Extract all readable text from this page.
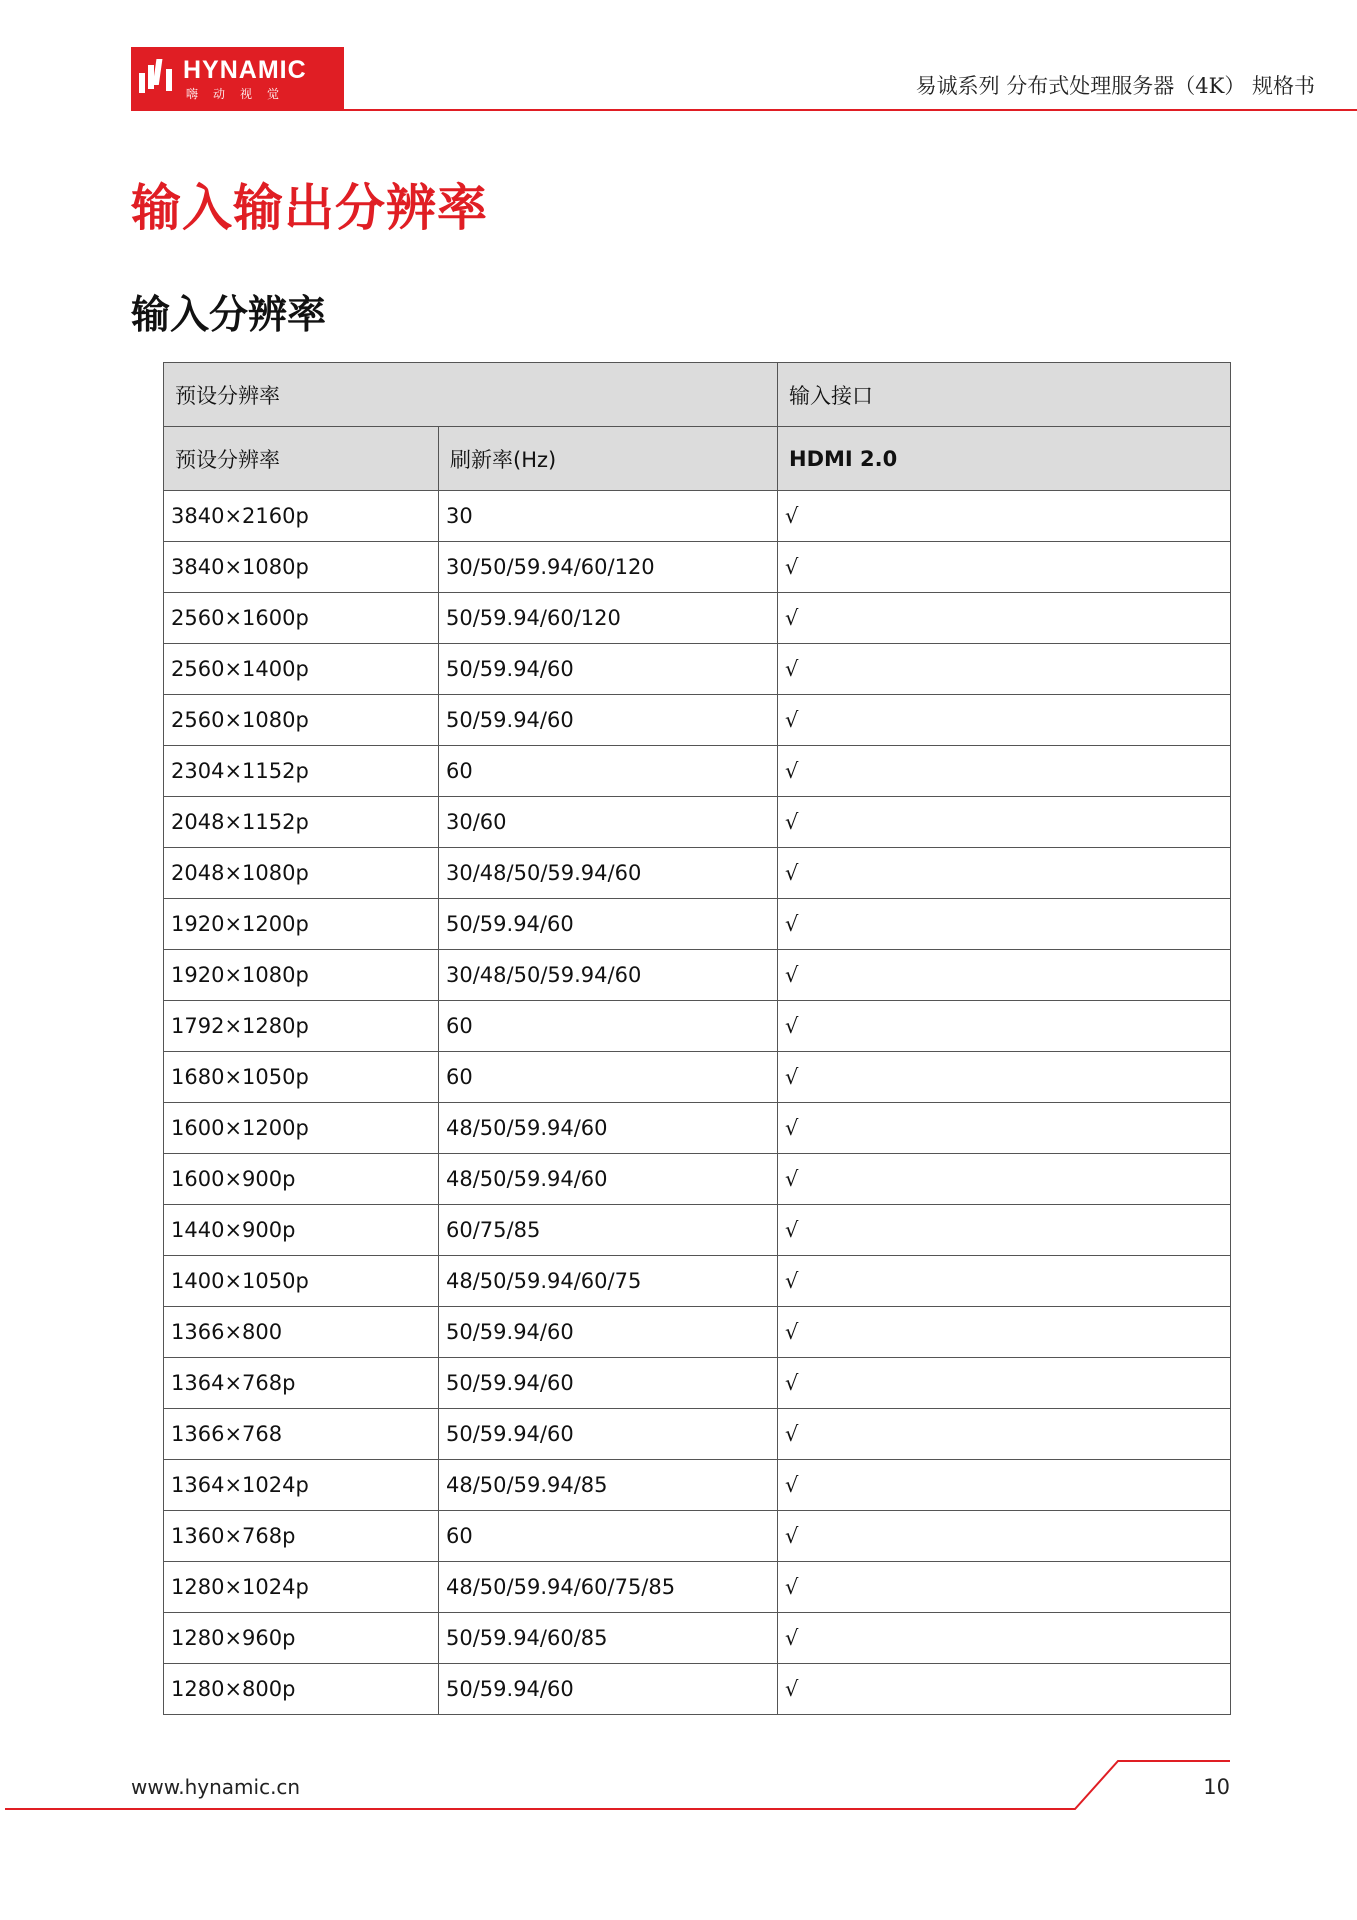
HYNAMIC
嗨动视觉	易诚系列 分布式处理服务器（4K） 规格书
输入输出分辨率
输入分辨率
预设分辨率		输入接口
预设分辨率	刷新率(Hz)	HDMI 2.0
3840×2160p	30	√
3840×1080p	30/50/59.94/60/120	√
2560×1600p	50/59.94/60/120	√
2560×1400p	50/59.94/60	√
2560×1080p	50/59.94/60	√
2304×1152p	60	√
2048×1152p	30/60	√
2048×1080p	30/48/50/59.94/60	√
1920×1200p	50/59.94/60	√
1920×1080p	30/48/50/59.94/60	√
1792×1280p	60	√
1680×1050p	60	√
1600×1200p	48/50/59.94/60	√
1600×900p	48/50/59.94/60	√
1440×900p	60/75/85	√
1400×1050p	48/50/59.94/60/75	√
1366×800	50/59.94/60	√
1364×768p	50/59.94/60	√
1366×768	50/59.94/60	√
1364×1024p	48/50/59.94/85	√
1360×768p	60	√
1280×1024p	48/50/59.94/60/75/85	√
1280×960p	50/59.94/60/85	√
1280×800p	50/59.94/60	√
www.hynamic.cn	10
